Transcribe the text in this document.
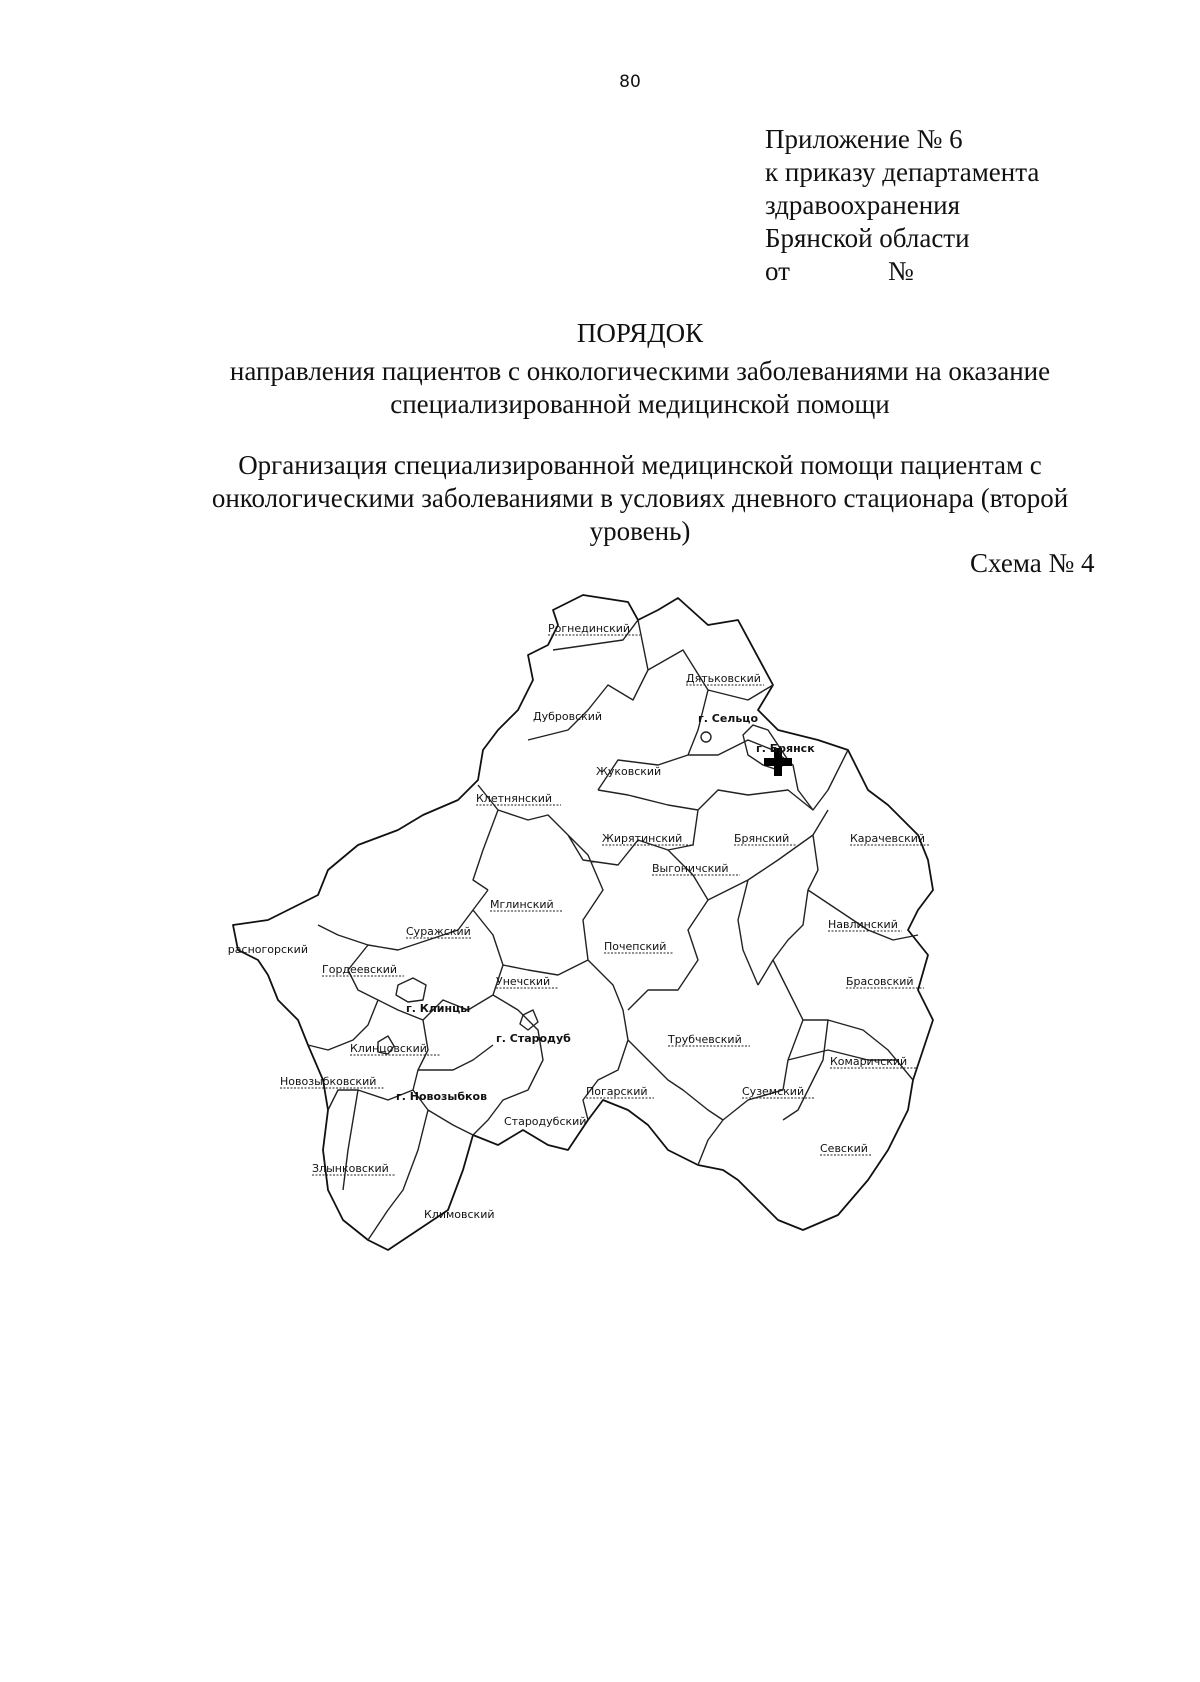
80
Приложение № 6
к приказу департамента
здравоохранения
Брянской области
от	№
ПОРЯДОК
направления пациентов с онкологическими заболеваниями на оказание
специализированной медицинской помощи
Организация специализированной медицинской помощи пациентам с
онкологическими заболеваниями в условиях дневного стационара (второй
уровень)
Схема № 4
Рогнединский
Дятьковский
Дубровский	г. Сельцо
Жуковский
г. Брянск
Клетнянский
Жирятинский	Брянский	Карачевский
Выгоничский
Мглинский
Суражский
Красногорский	Почепский
Навлинский
Гордеевский
Унечский	Брасовский
г. Клинцы
г. Стародуб	Трубчевский
Клинцовский
Комаричский
Новозыбковский
Погарский	Суземский
г. Новозыбков
Стародубский
Севский
Злынковский
Климовский
